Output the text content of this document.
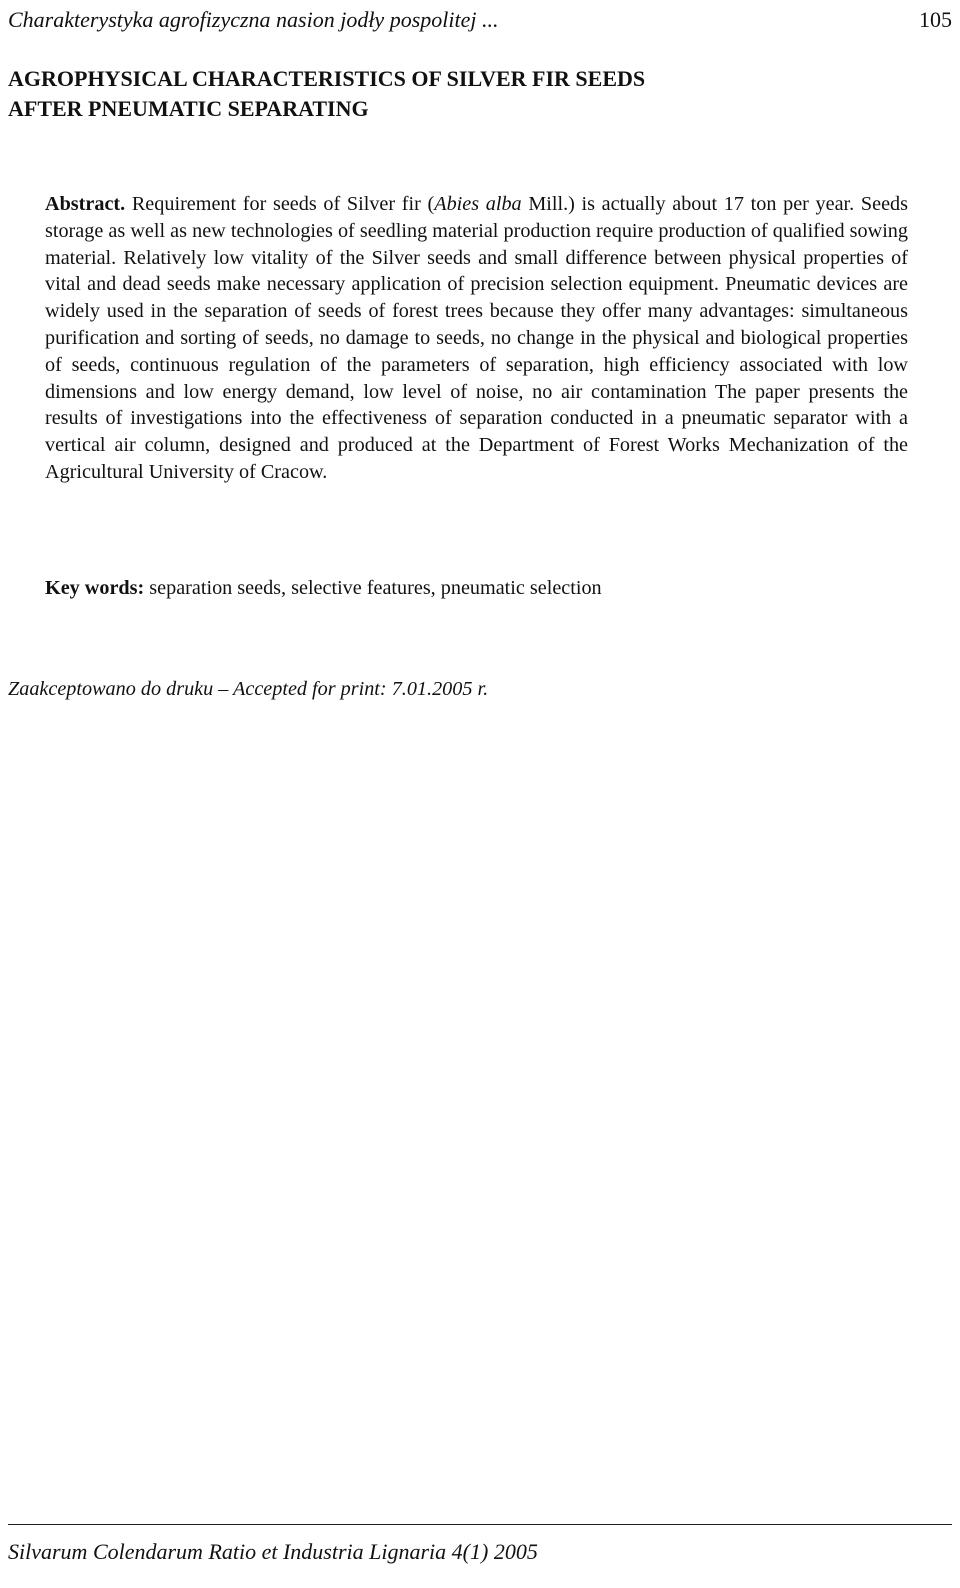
Charakterystyka agrofizyczna nasion jodły pospolitej ...	105
AGROPHYSICAL CHARACTERISTICS OF SILVER FIR SEEDS
AFTER PNEUMATIC SEPARATING

Abstract. Requirement for seeds of Silver fir (Abies alba Mill.) is actually about 17 ton per year. Seeds storage as well as new technologies of seedling material production require production of qualified sowing material. Relatively low vitality of the Silver seeds and small difference between physical properties of vital and dead seeds make necessary application of precision selection equipment. Pneumatic devices are widely used in the separation of seeds of forest trees because they offer many advantages: simultaneous purification and sorting of seeds, no damage to seeds, no change in the physical and biological properties of seeds, continuous regulation of the parameters of separation, high efficiency associated with low dimensions and low energy demand, low level of noise, no air contamination The paper presents the results of investigations into the effectiveness of separation conducted in a pneumatic separator with a vertical air column, designed and produced at the Department of Forest Works Mechanization of the Agricultural University of Cracow.

Key words: separation seeds, selective features, pneumatic selection

Zaakceptowano do druku – Accepted for print: 7.01.2005 r.
Silvarum Colendarum Ratio et Industria Lignaria 4(1) 2005
